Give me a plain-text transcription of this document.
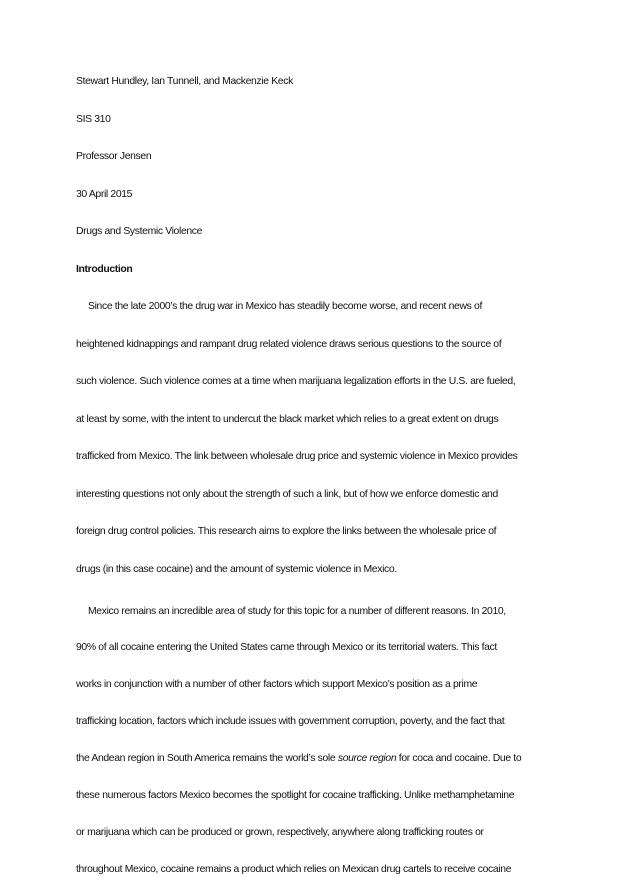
Stewart Hundley, Ian Tunnell, and Mackenzie Keck

SIS 310

Professor Jensen

30 April 2015

Drugs and Systemic Violence

Introduction

Since the late 2000’s the drug war in Mexico has steadily become worse, and recent news of

heightened kidnappings and rampant drug related violence draws serious questions to the source of

such violence. Such violence comes at a time when marijuana legalization efforts in the U.S. are fueled,

at least by some, with the intent to undercut the black market which relies to a great extent on drugs

trafficked from Mexico. The link between wholesale drug price and systemic violence in Mexico provides

interesting questions not only about the strength of such a link, but of how we enforce domestic and

foreign drug control policies. This research aims to explore the links between the wholesale price of

drugs (in this case cocaine) and the amount of systemic violence in Mexico.

Mexico remains an incredible area of study for this topic for a number of different reasons. In 2010,

90% of all cocaine entering the United States came through Mexico or its territorial waters. This fact

works in conjunction with a number of other factors which support Mexico’s position as a prime

trafficking location, factors which include issues with government corruption, poverty, and the fact that

the Andean region in South America remains the world’s sole source region for coca and cocaine. Due to

these numerous factors Mexico becomes the spotlight for cocaine trafficking. Unlike methamphetamine

or marijuana which can be produced or grown, respectively, anywhere along trafficking routes or

throughout Mexico, cocaine remains a product which relies on Mexican drug cartels to receive cocaine
